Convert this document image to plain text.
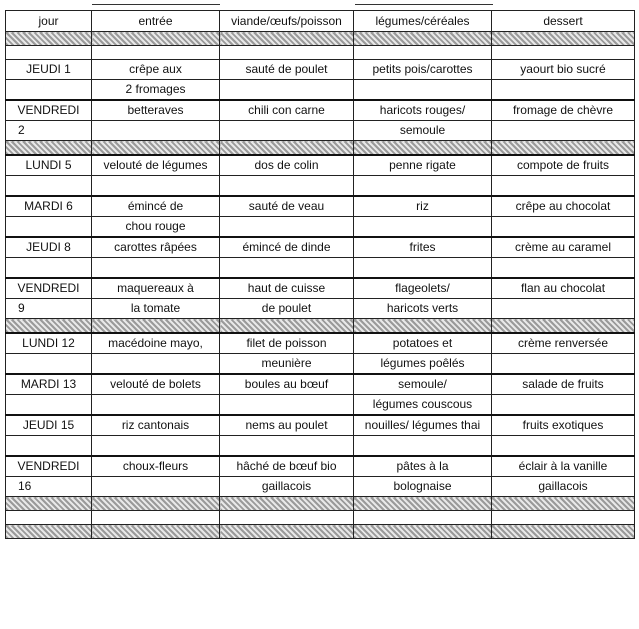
jour	entrée	viande/œufs/poisson	légumes/céréales	dessert

JEUDI 1	crêpe aux	sauté de poulet	petits pois/carottes	yaourt bio sucré
	2 fromages			
VENDREDI	betteraves	chili con carne	haricots rouges/	fromage de chèvre
2			semoule	

LUNDI 5	velouté de légumes	dos de colin	penne rigate	compote de fruits

MARDI 6	émincé de	sauté de veau	riz	crêpe au chocolat
	chou rouge			
JEUDI 8	carottes râpées	émincé de dinde	frites	crème au caramel

VENDREDI	maquereaux à	haut de cuisse	flageolets/	flan au chocolat
9	la tomate	de poulet	haricots verts	

LUNDI 12	macédoine mayo,	filet de poisson	potatoes et	crème renversée
		meunière	légumes poêlés	
MARDI 13	velouté de bolets	boules au bœuf	semoule/	salade de fruits
			légumes couscous	
JEUDI 15	riz cantonais	nems au poulet	nouilles/ légumes thai	fruits exotiques

VENDREDI	choux-fleurs	hâché de bœuf bio	pâtes à la	éclair à la vanille
16		gaillacois	bolognaise	gaillacois
